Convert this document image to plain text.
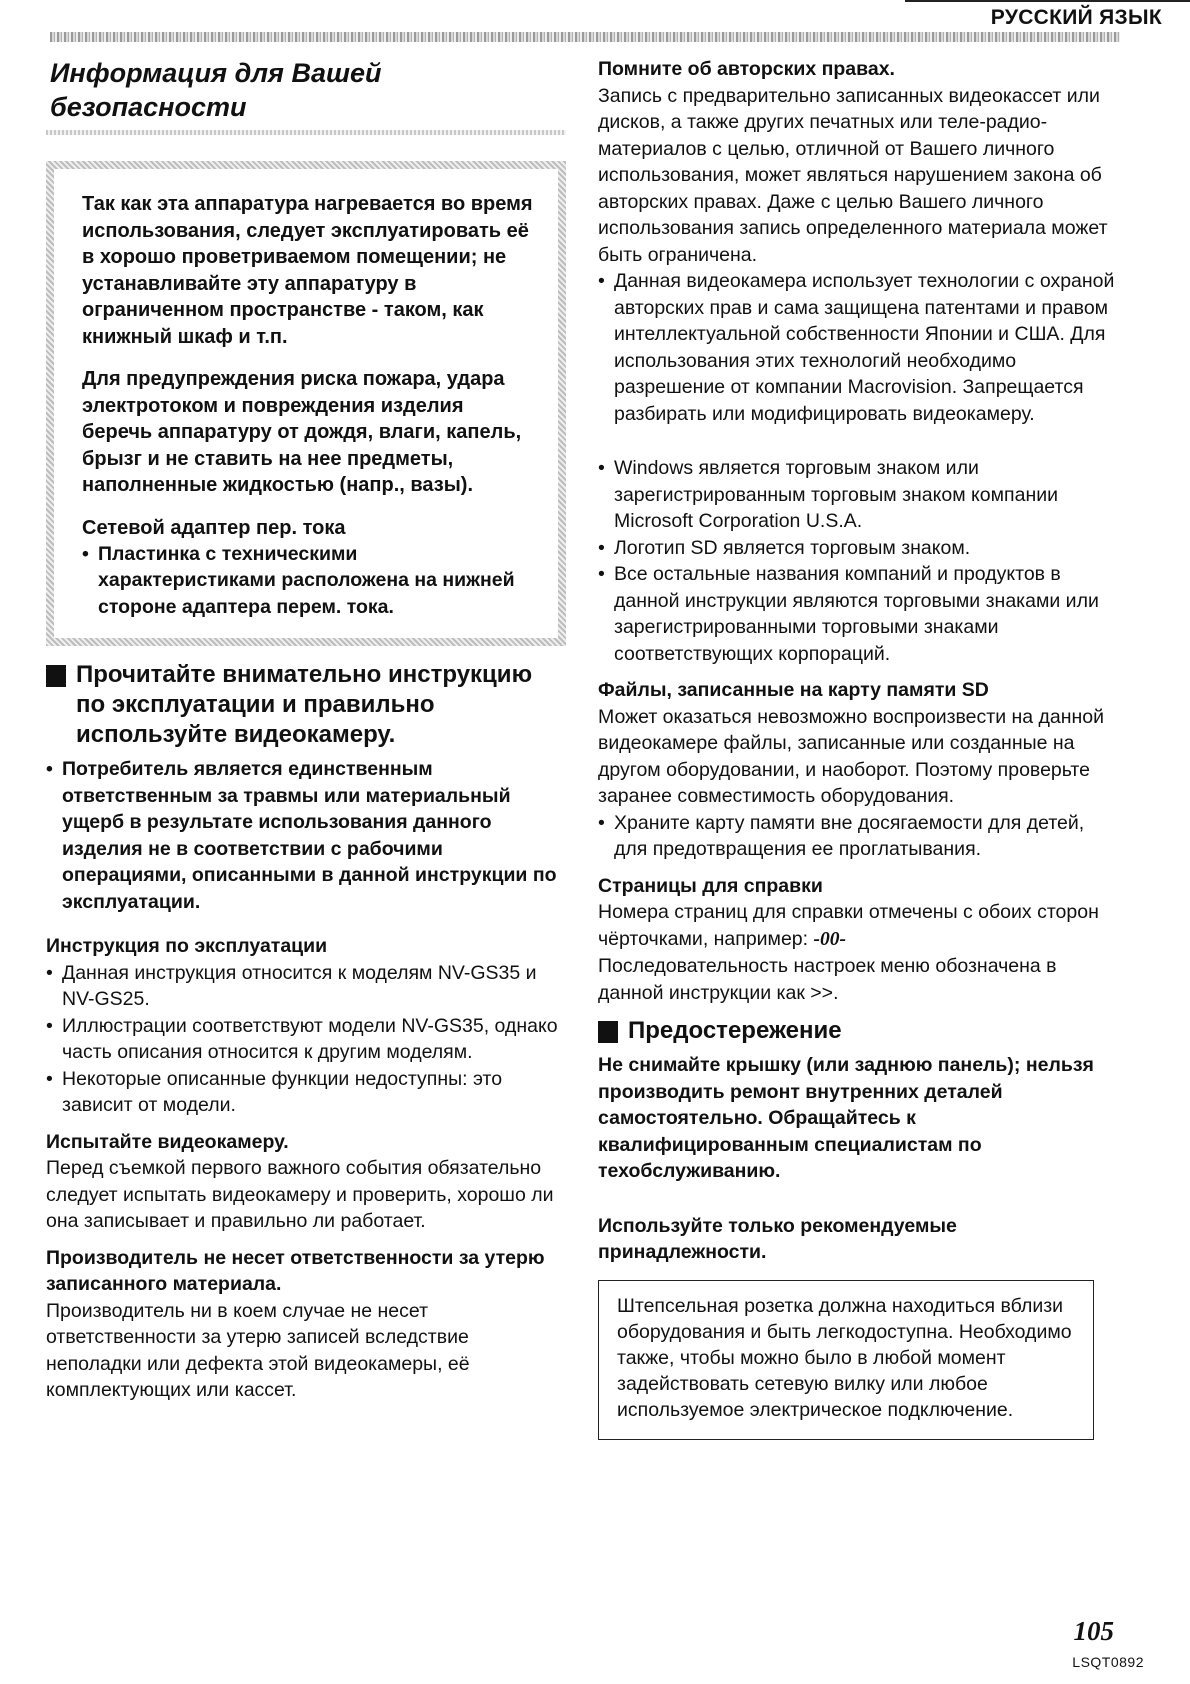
РУССКИЙ ЯЗЫК
Информация для Вашей
безопасности

Так как эта аппаратура нагревается во время использования, следует эксплуатировать её в хорошо проветриваемом помещении; не устанавливайте эту аппаратуру в ограниченном пространстве - таком, как книжный шкаф и т.п.

Для предупреждения риска пожара, удара электротоком и повреждения изделия беречь аппаратуру от дождя, влаги, капель, брызг и не ставить на нее предметы, наполненные жидкостью (напр., вазы).

Сетевой адаптер пер. тока
• Пластинка с техническими характеристиками расположена на нижней стороне адаптера перем. тока.
Прочитайте внимательно инструкцию по эксплуатации и правильно используйте видеокамеру.
• Потребитель является единственным ответственным за травмы или материальный ущерб в результате использования данного изделия не в соответствии с рабочими операциями, описанными в данной инструкции по эксплуатации.
Инструкция по эксплуатации
• Данная инструкция относится к моделям NV-GS35 и NV-GS25.
• Иллюстрации соответствуют модели NV-GS35, однако часть описания относится к другим моделям.
• Некоторые описанные функции недоступны: это зависит от модели.
Испытайте видеокамеру.
Перед съемкой первого важного события обязательно следует испытать видеокамеру и проверить, хорошо ли она записывает и правильно ли работает.
Производитель не несет ответственности за утерю записанного материала.
Производитель ни в коем случае не несет ответственности за утерю записей вследствие неполадки или дефекта этой видеокамеры, её комплектующих или кассет.
Помните об авторских правах.
Запись с предварительно записанных видеокассет или дисков, а также других печатных или теле-радио-материалов с целью, отличной от Вашего личного использования, может являться нарушением закона об авторских правах. Даже с целью Вашего личного использования запись определенного материала может быть ограничена.
• Данная видеокамера использует технологии с охраной авторских прав и сама защищена патентами и правом интеллектуальной собственности Японии и США. Для использования этих технологий необходимо разрешение от компании Macrovision. Запрещается разбирать или модифицировать видеокамеру.
• Windows является торговым знаком или зарегистрированным торговым знаком компании Microsoft Corporation U.S.A.
• Логотип SD является торговым знаком.
• Все остальные названия компаний и продуктов в данной инструкции являются торговыми знаками или зарегистрированными торговыми знаками соответствующих корпораций.
Файлы, записанные на карту памяти SD
Может оказаться невозможно воспроизвести на данной видеокамере файлы, записанные или созданные на другом оборудовании, и наоборот. Поэтому проверьте заранее совместимость оборудования.
• Храните карту памяти вне досягаемости для детей, для предотвращения ее проглатывания.
Страницы для справки
Номера страниц для справки отмечены с обоих сторон чёрточками, например: -00-
Последовательность настроек меню обозначена в данной инструкции как >>.
Предостережение
Не снимайте крышку (или заднюю панель); нельзя производить ремонт внутренних деталей самостоятельно. Обращайтесь к квалифицированным специалистам по техобслуживанию.
Используйте только рекомендуемые принадлежности.
Штепсельная розетка должна находиться вблизи оборудования и быть легкодоступна. Необходимо также, чтобы можно было в любой момент задействовать сетевую вилку или любое используемое электрическое подключение.
105
LSQT0892
